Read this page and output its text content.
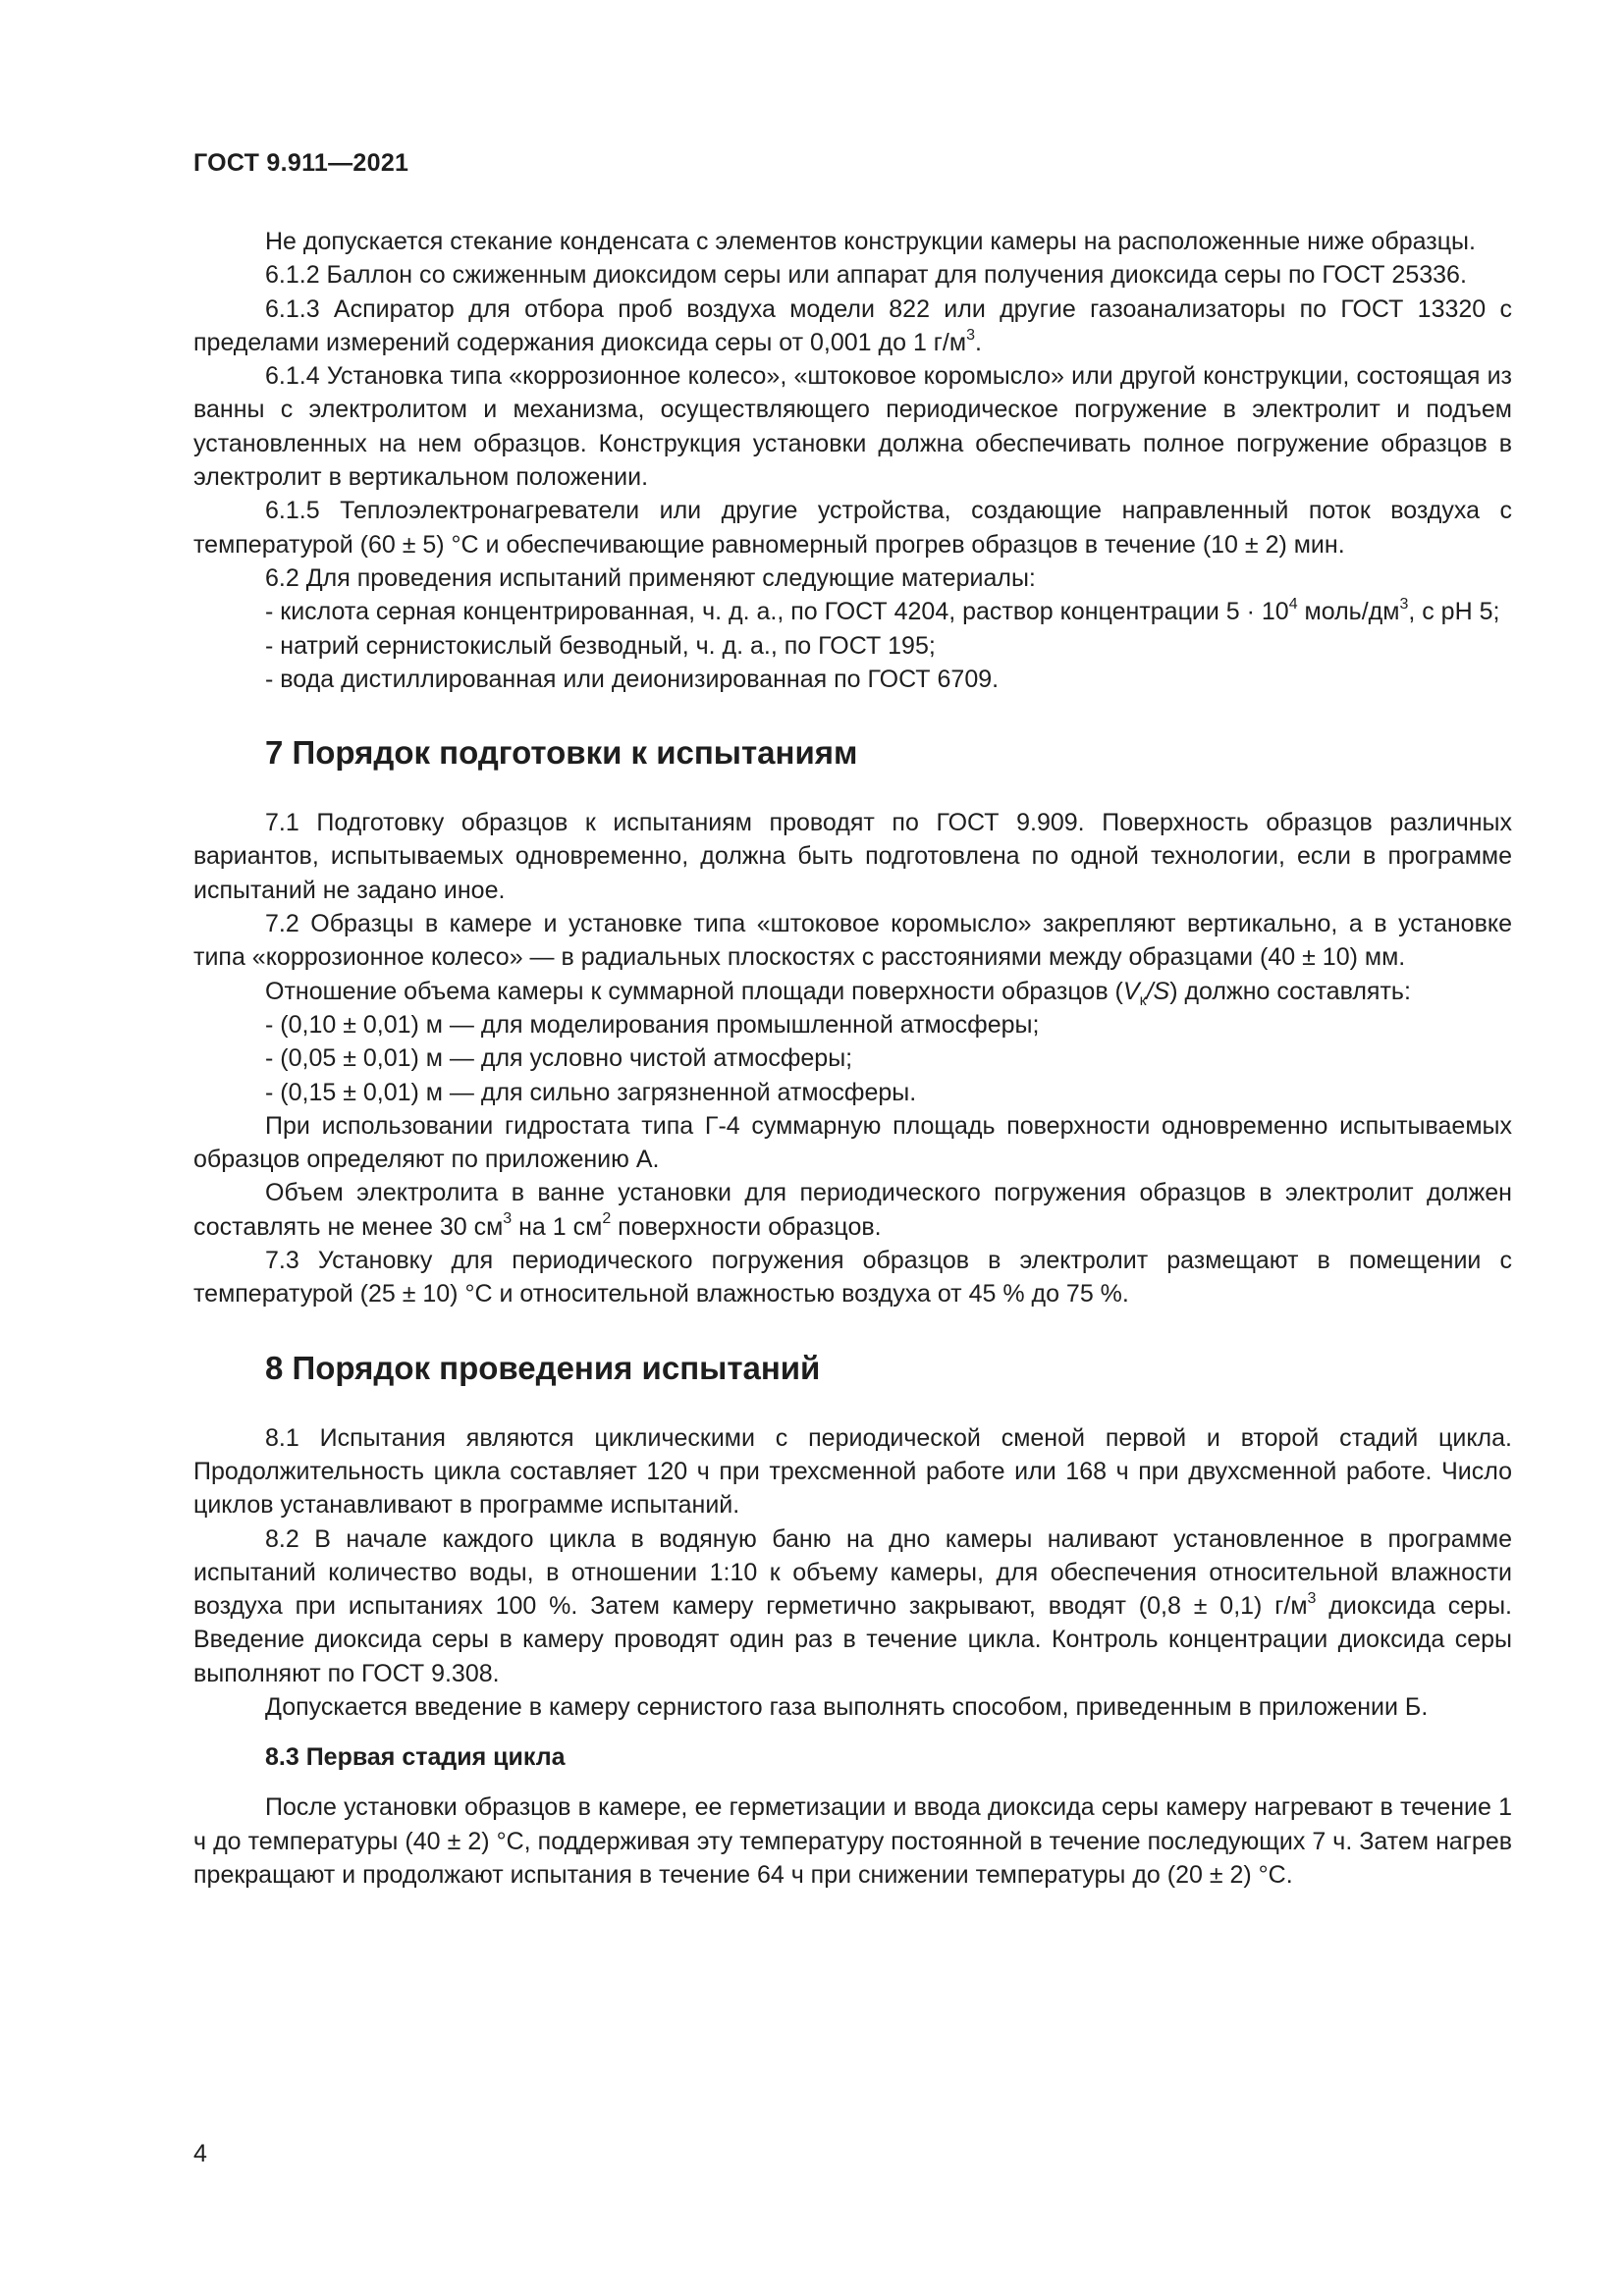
ГОСТ 9.911—2021

Не допускается стекание конденсата с элементов конструкции камеры на расположенные ниже образцы.

6.1.2 Баллон со сжиженным диоксидом серы или аппарат для получения диоксида серы по ГОСТ 25336.

6.1.3 Аспиратор для отбора проб воздуха модели 822 или другие газоанализаторы по ГОСТ 13320 с пределами измерений содержания диоксида серы от 0,001 до 1 $г/м^3$.

6.1.4 Установка типа «коррозионное колесо», «штоковое коромысло» или другой конструкции, состоящая из ванны с электролитом и механизма, осуществляющего периодическое погружение в электролит и подъем установленных на нем образцов. Конструкция установки должна обеспечивать полное погружение образцов в электролит в вертикальном положении.

6.1.5 Теплоэлектронагреватели или другие устройства, создающие направленный поток воздуха с температурой (60 ± 5) °С и обеспечивающие равномерный прогрев образцов в течение (10 ± 2) мин.

6.2 Для проведения испытаний применяют следующие материалы:

- кислота серная концентрированная, ч. д. а., по ГОСТ 4204, раствор концентрации $5 \cdot 10^4$ моль/$дм^3$, с рН 5;

- натрий сернистокислый безводный, ч. д. а., по ГОСТ 195;

- вода дистиллированная или деионизированная по ГОСТ 6709.

7 Порядок подготовки к испытаниям

7.1 Подготовку образцов к испытаниям проводят по ГОСТ 9.909. Поверхность образцов различных вариантов, испытываемых одновременно, должна быть подготовлена по одной технологии, если в программе испытаний не задано иное.

7.2 Образцы в камере и установке типа «штоковое коромысло» закрепляют вертикально, а в установке типа «коррозионное колесо» — в радиальных плоскостях с расстояниями между образцами (40 ± 10) мм.

Отношение объема камеры к суммарной площади поверхности образцов $(V_к/S)$ должно составлять:

- (0,10 ± 0,01) м — для моделирования промышленной атмосферы;

- (0,05 ± 0,01) м — для условно чистой атмосферы;

- (0,15 ± 0,01) м — для сильно загрязненной атмосферы.

При использовании гидростата типа Г-4 суммарную площадь поверхности одновременно испытываемых образцов определяют по приложению А.

Объем электролита в ванне установки для периодического погружения образцов в электролит должен составлять не менее 30 $см^3$ на 1 $см^2$ поверхности образцов.

7.3 Установку для периодического погружения образцов в электролит размещают в помещении с температурой (25 ± 10) °С и относительной влажностью воздуха от 45 % до 75 %.

8 Порядок проведения испытаний

8.1 Испытания являются циклическими с периодической сменой первой и второй стадий цикла. Продолжительность цикла составляет 120 ч при трехсменной работе или 168 ч при двухсменной работе. Число циклов устанавливают в программе испытаний.

8.2 В начале каждого цикла в водяную баню на дно камеры наливают установленное в программе испытаний количество воды, в отношении 1:10 к объему камеры, для обеспечения относительной влажности воздуха при испытаниях 100 %. Затем камеру герметично закрывают, вводят (0,8 ± 0,1) $г/м^3$ диоксида серы. Введение диоксида серы в камеру проводят один раз в течение цикла. Контроль концентрации диоксида серы выполняют по ГОСТ 9.308.

Допускается введение в камеру сернистого газа выполнять способом, приведенным в приложении Б.

8.3 Первая стадия цикла

После установки образцов в камере, ее герметизации и ввода диоксида серы камеру нагревают в течение 1 ч до температуры (40 ± 2) °С, поддерживая эту температуру постоянной в течение последующих 7 ч. Затем нагрев прекращают и продолжают испытания в течение 64 ч при снижении температуры до (20 ± 2) °С.

4
